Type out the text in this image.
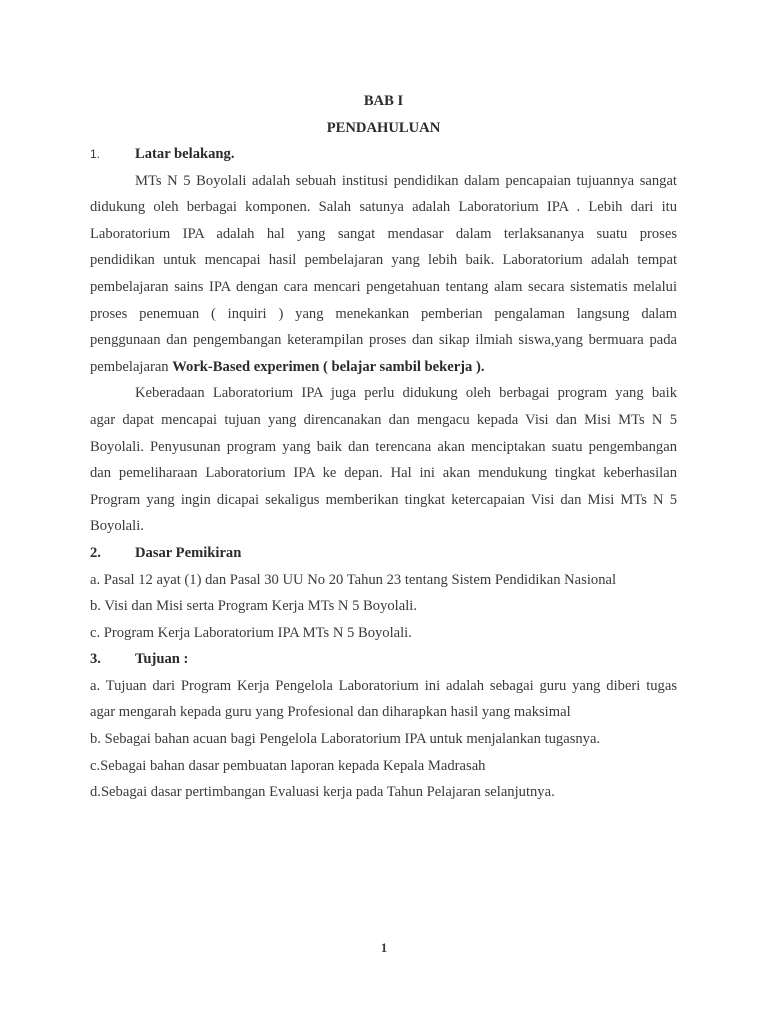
BAB I
PENDAHULUAN
1. Latar belakang.
MTs N 5 Boyolali adalah sebuah institusi pendidikan dalam pencapaian tujuannya sangat
didukung oleh berbagai komponen. Salah satunya adalah Laboratorium IPA . Lebih dari itu
Laboratorium IPA adalah hal yang sangat mendasar dalam terlaksananya suatu proses
pendidikan untuk mencapai hasil pembelajaran yang lebih baik. Laboratorium adalah tempat
pembelajaran sains IPA dengan cara mencari pengetahuan tentang alam secara sistematis melalui
proses penemuan ( inquiri ) yang menekankan pemberian pengalaman langsung dalam
penggunaan dan pengembangan keterampilan proses dan sikap ilmiah siswa,yang bermuara pada
pembelajaran Work-Based experimen ( belajar sambil bekerja ).
Keberadaan Laboratorium IPA juga perlu didukung oleh berbagai program yang baik
agar dapat mencapai tujuan yang direncanakan dan mengacu kepada Visi dan Misi MTs N 5
Boyolali. Penyusunan program yang baik dan terencana akan menciptakan suatu pengembangan
dan pemeliharaan Laboratorium IPA ke depan. Hal ini akan mendukung tingkat keberhasilan
Program yang ingin dicapai sekaligus memberikan tingkat ketercapaian Visi dan Misi MTs N 5
Boyolali.
2. Dasar Pemikiran
a. Pasal 12 ayat (1) dan Pasal 30 UU No 20 Tahun 23 tentang Sistem Pendidikan Nasional
b. Visi dan Misi serta Program Kerja MTs N 5 Boyolali.
c. Program Kerja Laboratorium IPA MTs N 5 Boyolali.
3. Tujuan :
a. Tujuan dari Program Kerja Pengelola Laboratorium ini adalah sebagai guru yang diberi tugas
agar mengarah kepada guru yang Profesional dan diharapkan hasil yang maksimal
b. Sebagai bahan acuan bagi Pengelola Laboratorium IPA untuk menjalankan tugasnya.
c.Sebagai bahan dasar pembuatan laporan kepada Kepala Madrasah
d.Sebagai dasar pertimbangan Evaluasi kerja pada Tahun Pelajaran selanjutnya.
1
